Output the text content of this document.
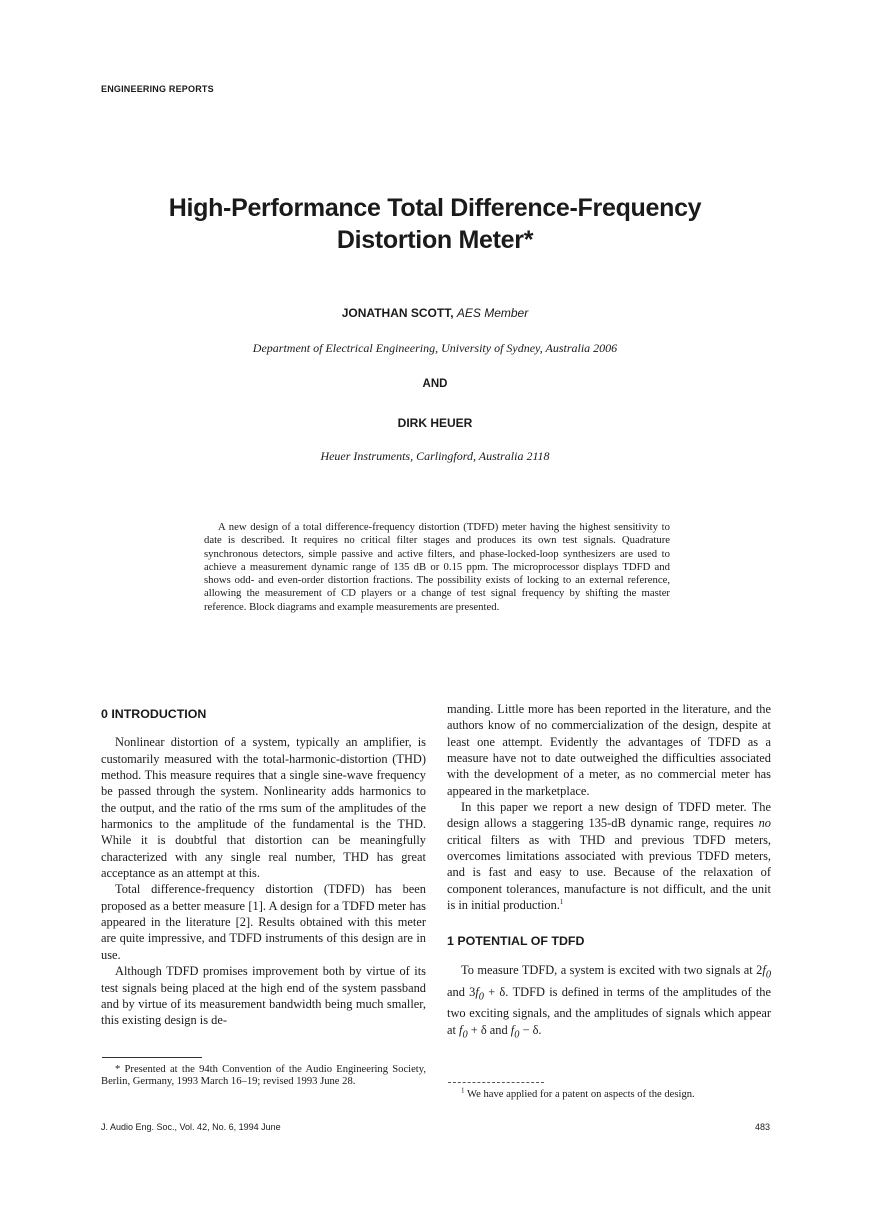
ENGINEERING REPORTS
High-Performance Total Difference-Frequency
Distortion Meter*
JONATHAN SCOTT, AES Member
Department of Electrical Engineering, University of Sydney, Australia 2006
AND
DIRK HEUER
Heuer Instruments, Carlingford, Australia 2118

A new design of a total difference-frequency distortion (TDFD) meter having the highest sensitivity to date is described. It requires no critical filter stages and produces its own test signals. Quadrature synchronous detectors, simple passive and active filters, and phase-locked-loop synthesizers are used to achieve a measurement dynamic range of 135 dB or 0.15 ppm. The microprocessor displays TDFD and shows odd- and even-order distortion fractions. The possibility exists of locking to an external reference, allowing the measurement of CD players or a change of test signal frequency by shifting the master reference. Block diagrams and example measurements are presented.

0 INTRODUCTION

Nonlinear distortion of a system, typically an amplifier, is customarily measured with the total-harmonic-distortion (THD) method. This measure requires that a single sine-wave frequency be passed through the system. Nonlinearity adds harmonics to the output, and the ratio of the rms sum of the amplitudes of the harmonics to the amplitude of the fundamental is the THD. While it is doubtful that distortion can be meaningfully characterized with any single real number, THD has great acceptance as an attempt at this.

Total difference-frequency distortion (TDFD) has been proposed as a better measure [1]. A design for a TDFD meter has appeared in the literature [2]. Results obtained with this meter are quite impressive, and TDFD instruments of this design are in use.

Although TDFD promises improvement both by virtue of its test signals being placed at the high end of the system passband and by virtue of its measurement bandwidth being much smaller, this existing design is de-

* Presented at the 94th Convention of the Audio Engineering Society, Berlin, Germany, 1993 March 16–19; revised 1993 June 28.

manding. Little more has been reported in the literature, and the authors know of no commercialization of the design, despite at least one attempt. Evidently the advantages of TDFD as a measure have not to date outweighed the difficulties associated with the development of a meter, as no commercial meter has appeared in the marketplace.

In this paper we report a new design of TDFD meter. The design allows a staggering 135-dB dynamic range, requires no critical filters as with THD and previous TDFD meters, overcomes limitations associated with previous TDFD meters, and is fast and easy to use. Because of the relaxation of component tolerances, manufacture is not difficult, and the unit is in initial production.$^1$

1 POTENTIAL OF TDFD

To measure TDFD, a system is excited with two signals at $2f_0$ and $3f_0 + \delta$. TDFD is defined in terms of the amplitudes of the two exciting signals, and the amplitudes of signals which appear at $f_0 + \delta$ and $f_0 - \delta$.

$^1$ We have applied for a patent on aspects of the design.

J. Audio Eng. Soc., Vol. 42, No. 6, 1994 June	483
